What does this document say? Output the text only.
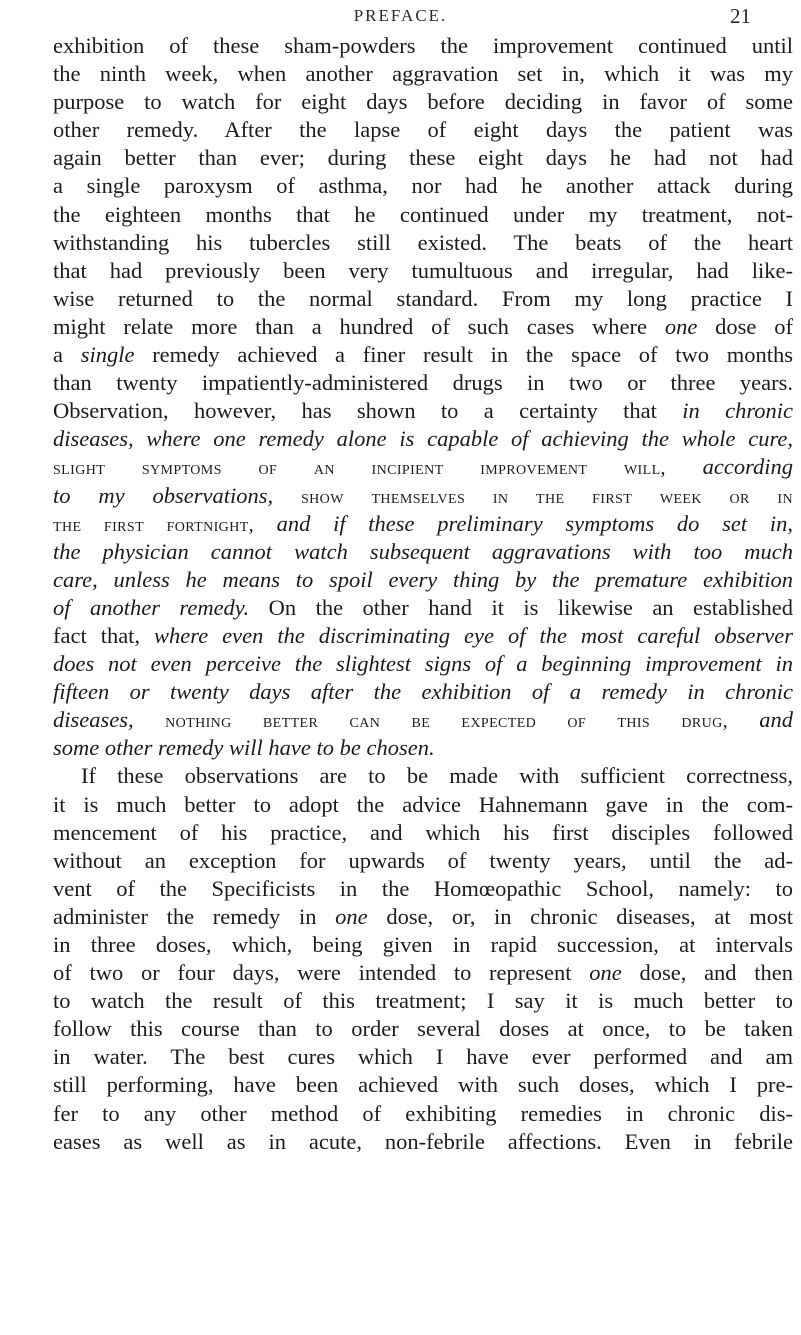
PREFACE.	21
exhibition of these sham-powders the improvement continued until
the ninth week, when another aggravation set in, which it was my
purpose to watch for eight days before deciding in favor of some
other remedy. After the lapse of eight days the patient was
again better than ever; during these eight days he had not had
a single paroxysm of asthma, nor had he another attack during
the eighteen months that he continued under my treatment, not-
withstanding his tubercles still existed. The beats of the heart
that had previously been very tumultuous and irregular, had like-
wise returned to the normal standard. From my long practice I
might relate more than a hundred of such cases where one dose of
a single remedy achieved a finer result in the space of two months
than twenty impatiently-administered drugs in two or three years.
Observation, however, has shown to a certainty that in chronic
diseases, where one remedy alone is capable of achieving the whole cure,
slight symptoms of an incipient improvement will, according
to my observations, show themselves in the first week or in
the first fortnight, and if these preliminary symptoms do set in,
the physician cannot watch subsequent aggravations with too much
care, unless he means to spoil every thing by the premature exhibition
of another remedy. On the other hand it is likewise an established
fact that, where even the discriminating eye of the most careful observer
does not even perceive the slightest signs of a beginning improvement in
fifteen or twenty days after the exhibition of a remedy in chronic
diseases, nothing better can be expected of this drug, and
some other remedy will have to be chosen.
If these observations are to be made with sufficient correctness,
it is much better to adopt the advice Hahnemann gave in the com-
mencement of his practice, and which his first disciples followed
without an exception for upwards of twenty years, until the ad-
vent of the Specificists in the Homœopathic School, namely: to
administer the remedy in one dose, or, in chronic diseases, at most
in three doses, which, being given in rapid succession, at intervals
of two or four days, were intended to represent one dose, and then
to watch the result of this treatment; I say it is much better to
follow this course than to order several doses at once, to be taken
in water. The best cures which I have ever performed and am
still performing, have been achieved with such doses, which I pre-
fer to any other method of exhibiting remedies in chronic dis-
eases as well as in acute, non-febrile affections. Even in febrile
